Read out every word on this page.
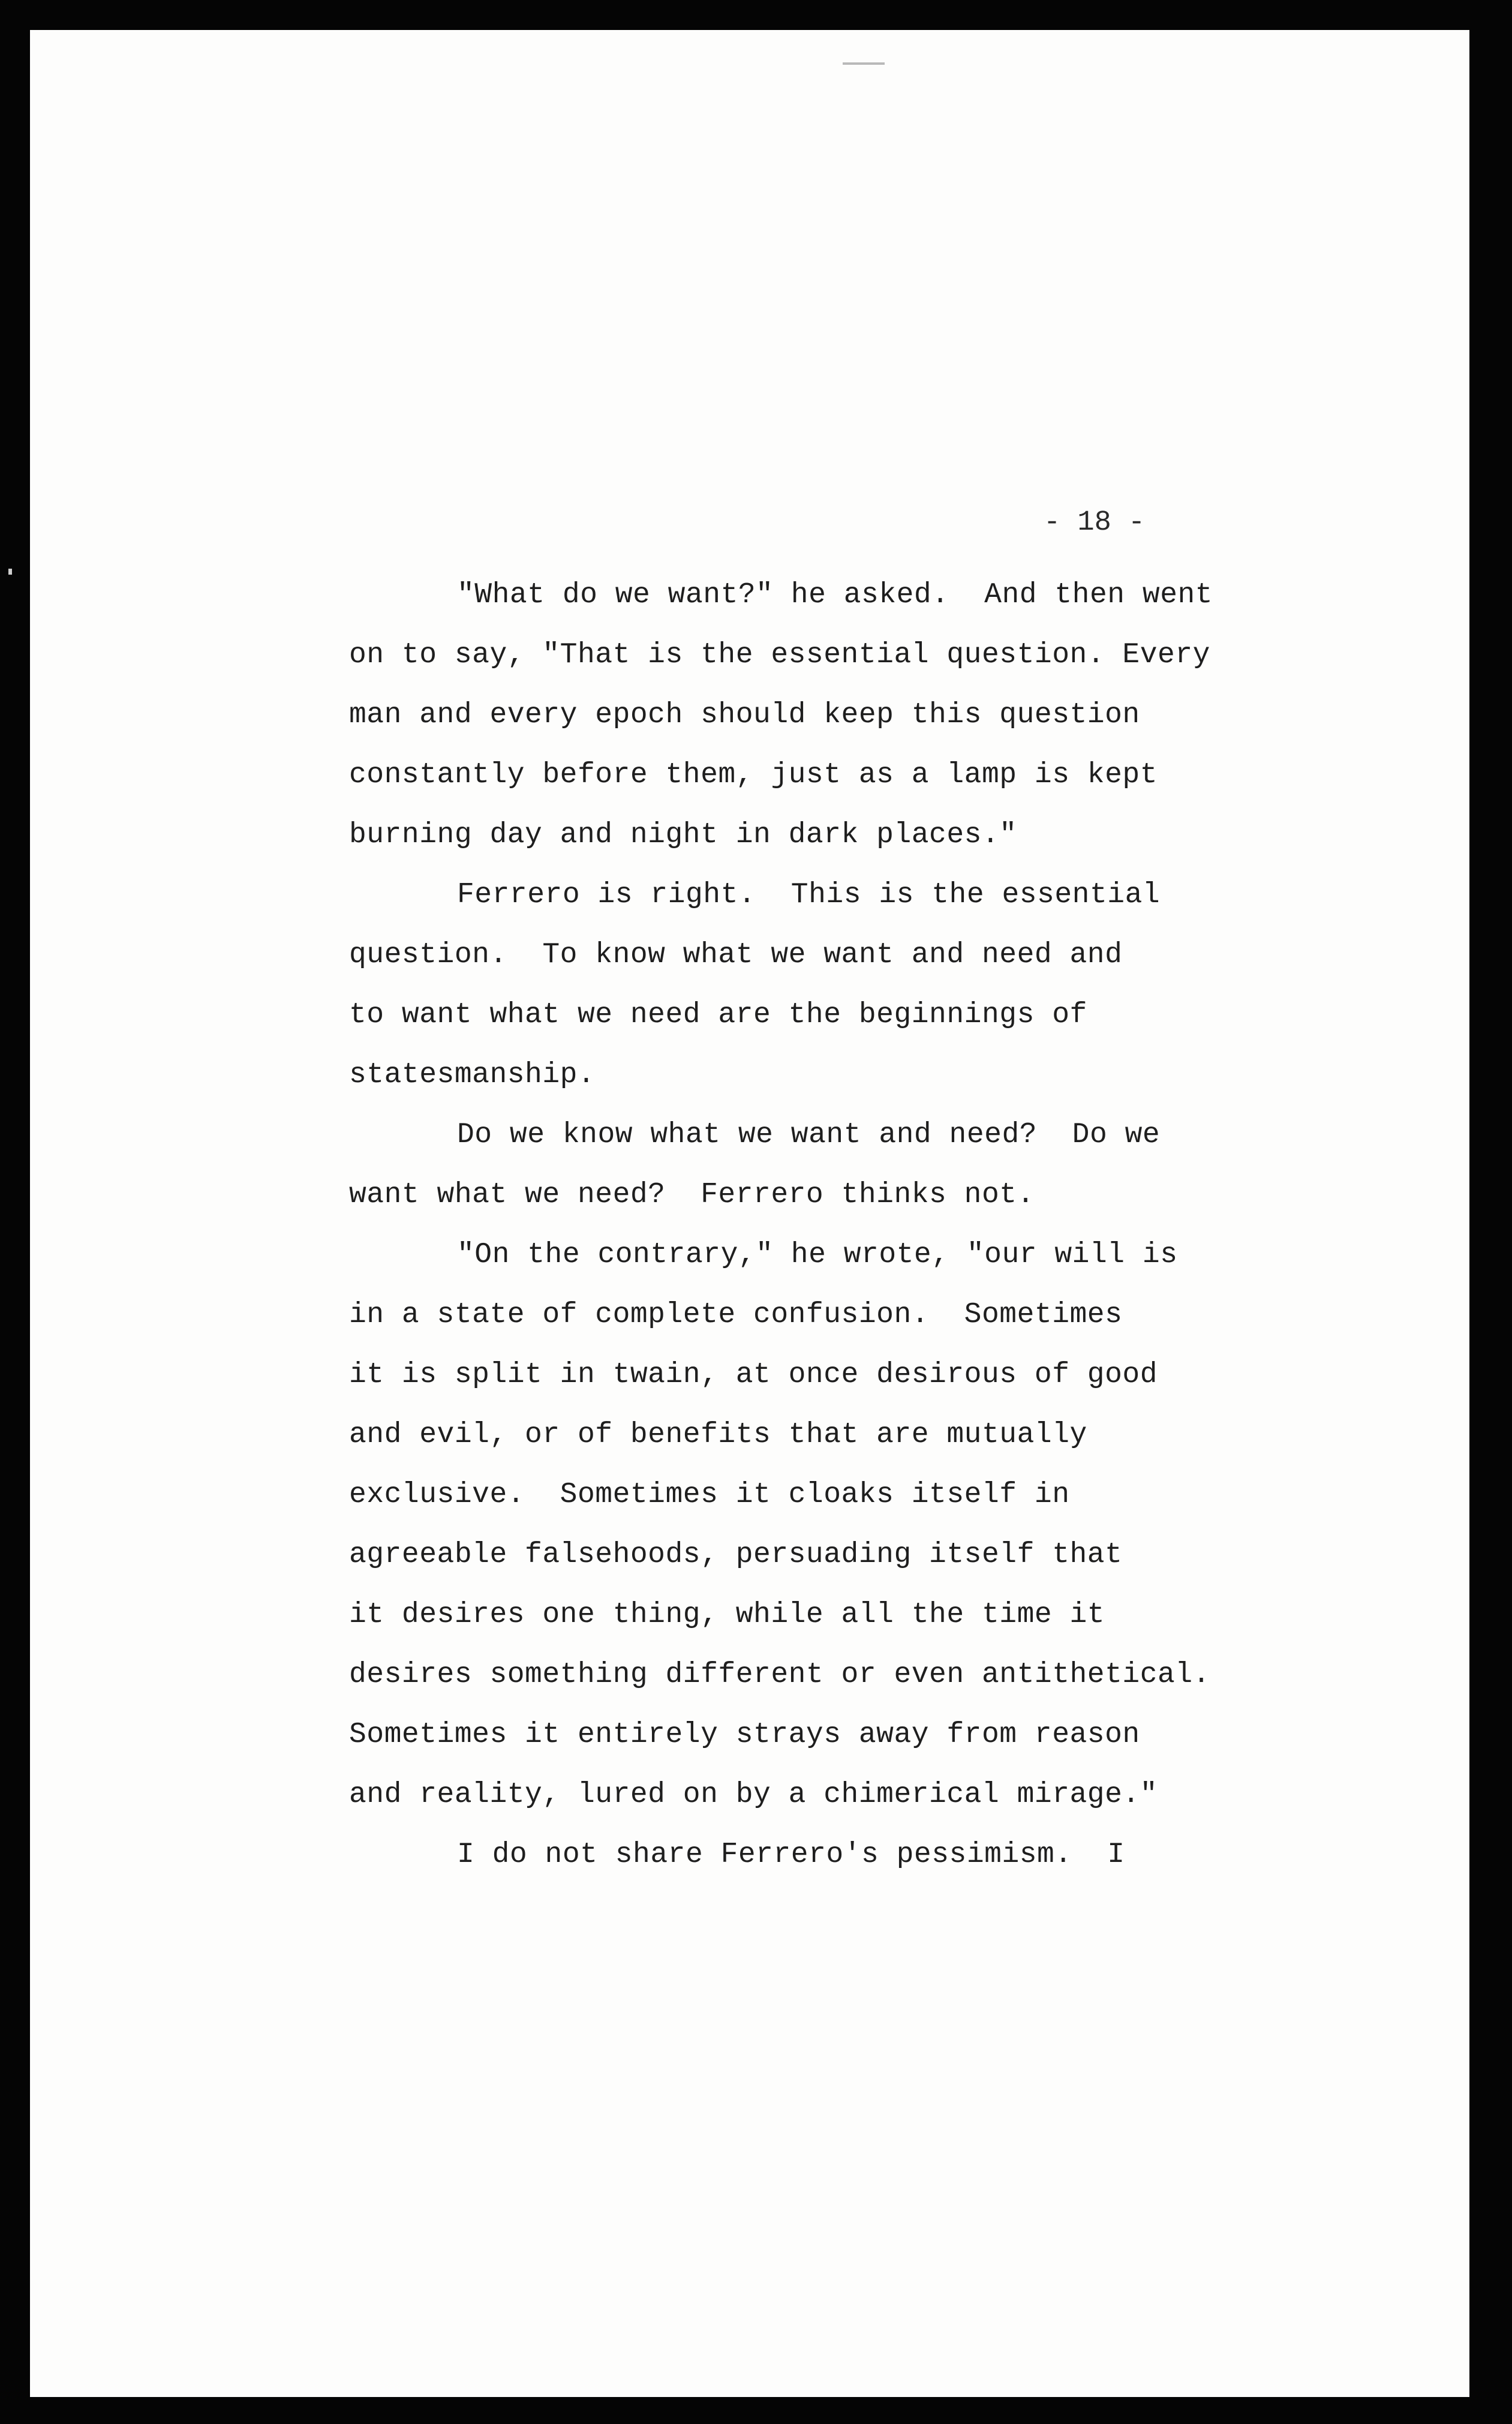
- 18 -
"What do we want?" he asked.  And then went
on to say, "That is the essential question. Every
man and every epoch should keep this question
constantly before them, just as a lamp is kept
burning day and night in dark places."
Ferrero is right.  This is the essential
question.  To know what we want and need and
to want what we need are the beginnings of
statesmanship.
Do we know what we want and need?  Do we
want what we need?  Ferrero thinks not.
"On the contrary," he wrote, "our will is
in a state of complete confusion.  Sometimes
it is split in twain, at once desirous of good
and evil, or of benefits that are mutually
exclusive.  Sometimes it cloaks itself in
agreeable falsehoods, persuading itself that
it desires one thing, while all the time it
desires something different or even antithetical.
Sometimes it entirely strays away from reason
and reality, lured on by a chimerical mirage."
I do not share Ferrero's pessimism.  I
